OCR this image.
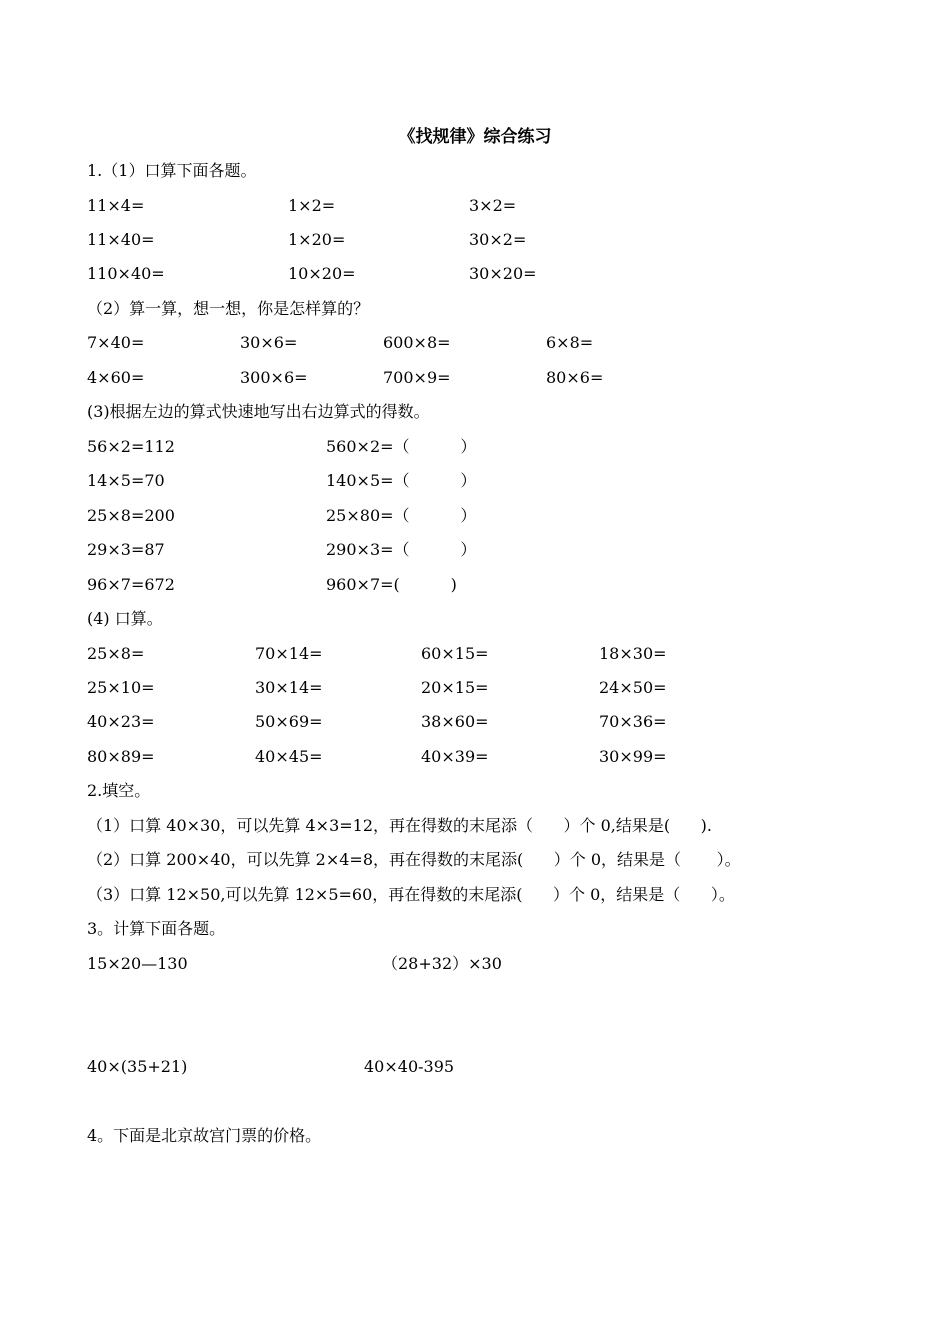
《找规律》综合练习
1.（1）口算下面各题。
11×4=	1×2=	3×2=
11×40=	1×20=	30×2=
110×40=	10×20=	30×20=
（2）算一算，想一想，你是怎样算的？
7×40=	30×6=	600×8=	6×8=
4×60=	300×6=	700×9=	80×6=
(3)根据左边的算式快速地写出右边算式的得数。
56×2=112	560×2=（          ）
14×5=70	140×5=（          ）
25×8=200	25×80=（          ）
29×3=87	290×3=（          ）
96×7=672	960×7=(          )
(4) 口算。
25×8=	70×14=	60×15=	18×30=
25×10=	30×14=	20×15=	24×50=
40×23=	50×69=	38×60=	70×36=
80×89=	40×45=	40×39=	30×99=
2.填空。
（1）口算 40×30，可以先算 4×3=12，再在得数的末尾添（      ）个 0,结果是(      ).
（2）口算 200×40，可以先算 2×4=8，再在得数的末尾添(      ）个 0，结果是（       ）。
（3）口算 12×50,可以先算 12×5=60，再在得数的末尾添(      ）个 0，结果是（      ）。
3。计算下面各题。
15×20—130	（28+32）×30
40×(35+21)	40×40-395
4。下面是北京故宫门票的价格。
